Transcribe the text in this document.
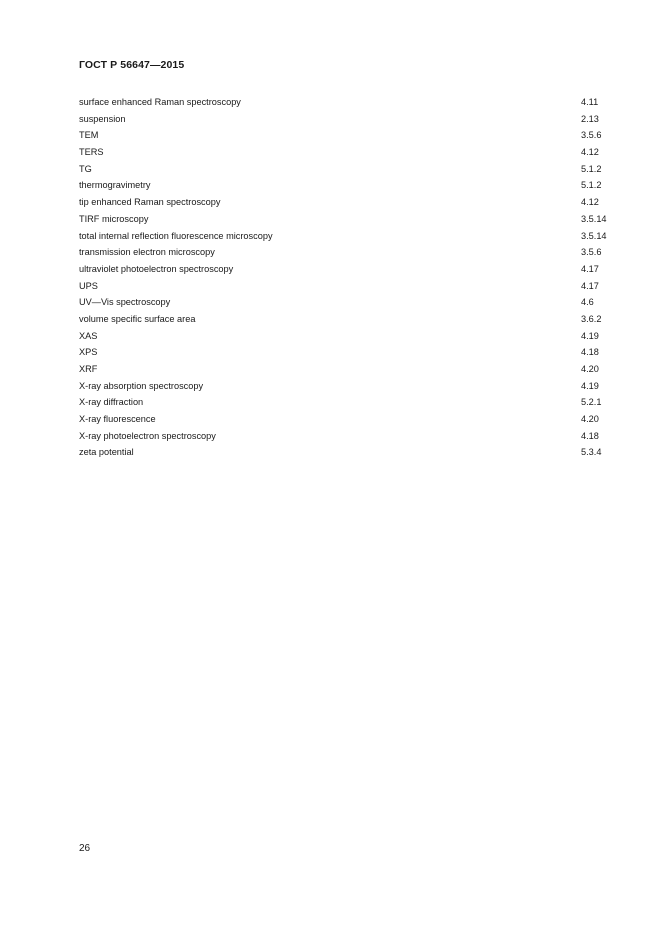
ГОСТ Р 56647—2015
surface enhanced Raman spectroscopy	4.11
suspension	2.13
TEM	3.5.6
TERS	4.12
TG	5.1.2
thermogravimetry	5.1.2
tip enhanced Raman spectroscopy	4.12
TIRF microscopy	3.5.14
total internal reflection fluorescence microscopy	3.5.14
transmission electron microscopy	3.5.6
ultraviolet photoelectron spectroscopy	4.17
UPS	4.17
UV—Vis spectroscopy	4.6
volume specific surface area	3.6.2
XAS	4.19
XPS	4.18
XRF	4.20
X-ray absorption spectroscopy	4.19
X-ray diffraction	5.2.1
X-ray fluorescence	4.20
X-ray photoelectron spectroscopy	4.18
zeta potential	5.3.4
26
